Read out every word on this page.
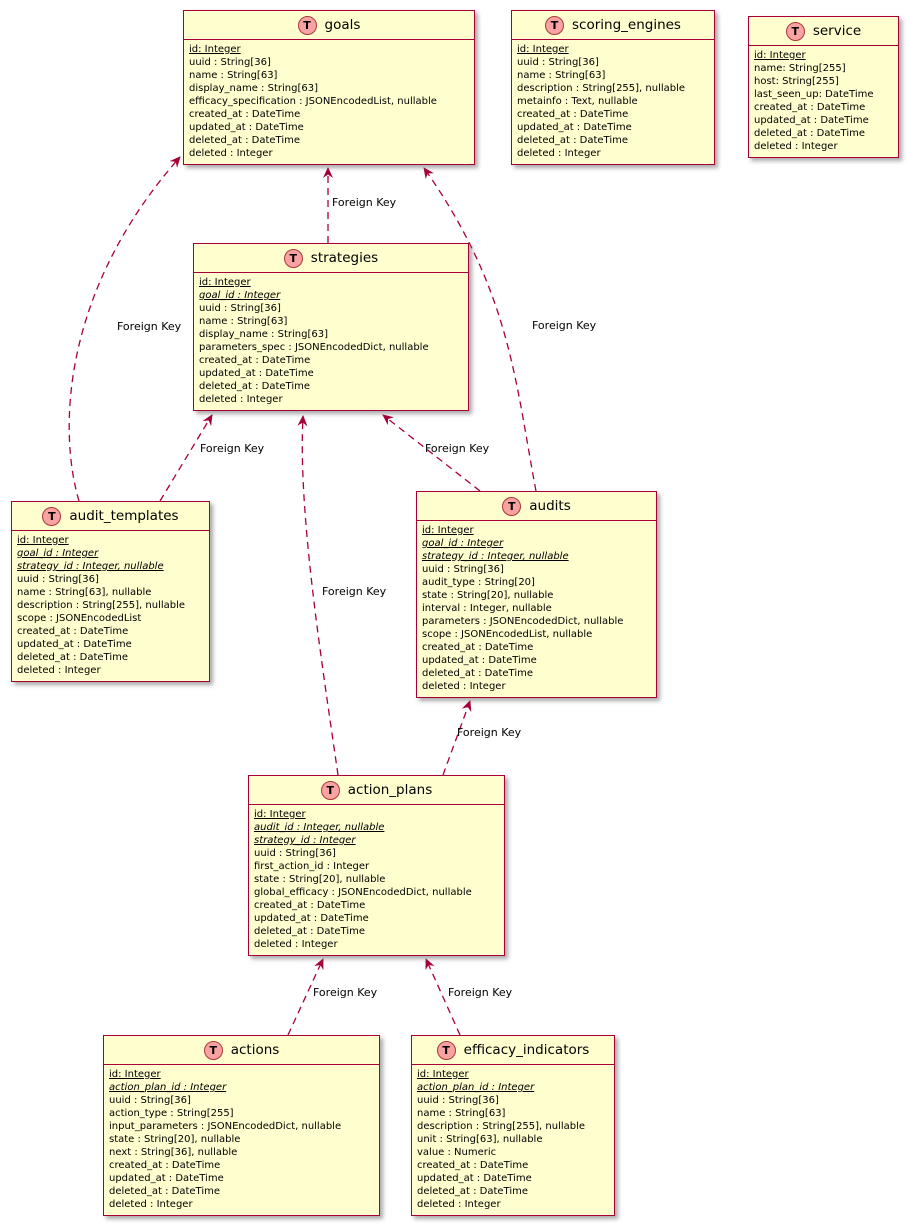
T	goals
id: Integer
uuid : String[36]
name : String[63]
display_name : String[63]
efficacy_specification : JSONEncodedList, nullable
created_at : DateTime
updated_at : DateTime
deleted_at : DateTime
deleted : Integer
T	scoring_engines
id: Integer
uuid : String[36]
name : String[63]
description : String[255], nullable
metainfo : Text, nullable
created_at : DateTime
updated_at : DateTime
deleted_at : DateTime
deleted : Integer
T	service
id: Integer
name: String[255]
host: String[255]
last_seen_up: DateTime
created_at : DateTime
updated_at : DateTime
deleted_at : DateTime
deleted : Integer
T	strategies
id: Integer
goal_id : Integer
uuid : String[36]
name : String[63]
display_name : String[63]
parameters_spec : JSONEncodedDict, nullable
created_at : DateTime
updated_at : DateTime
deleted_at : DateTime
deleted : Integer
T	audit_templates
id: Integer
goal_id : Integer
strategy_id : Integer, nullable
uuid : String[36]
name : String[63], nullable
description : String[255], nullable
scope : JSONEncodedList
created_at : DateTime
updated_at : DateTime
deleted_at : DateTime
deleted : Integer
T	audits
id: Integer
goal_id : Integer
strategy_id : Integer, nullable
uuid : String[36]
audit_type : String[20]
state : String[20], nullable
interval : Integer, nullable
parameters : JSONEncodedDict, nullable
scope : JSONEncodedList, nullable
created_at : DateTime
updated_at : DateTime
deleted_at : DateTime
deleted : Integer
T	action_plans
id: Integer
audit_id : Integer, nullable
strategy_id : Integer
uuid : String[36]
first_action_id : Integer
state : String[20], nullable
global_efficacy : JSONEncodedDict, nullable
created_at : DateTime
updated_at : DateTime
deleted_at : DateTime
deleted : Integer
T	actions
id: Integer
action_plan_id : Integer
uuid : String[36]
action_type : String[255]
input_parameters : JSONEncodedDict, nullable
state : String[20], nullable
next : String[36], nullable
created_at : DateTime
updated_at : DateTime
deleted_at : DateTime
deleted : Integer
T	efficacy_indicators
id: Integer
action_plan_id : Integer
uuid : String[36]
name : String[63]
description : String[255], nullable
unit : String[63], nullable
value : Numeric
created_at : DateTime
updated_at : DateTime
deleted_at : DateTime
deleted : Integer
Foreign Key
Foreign Key
Foreign Key
Foreign Key	Foreign Key
Foreign Key
Foreign Key
Foreign Key	Foreign Key
